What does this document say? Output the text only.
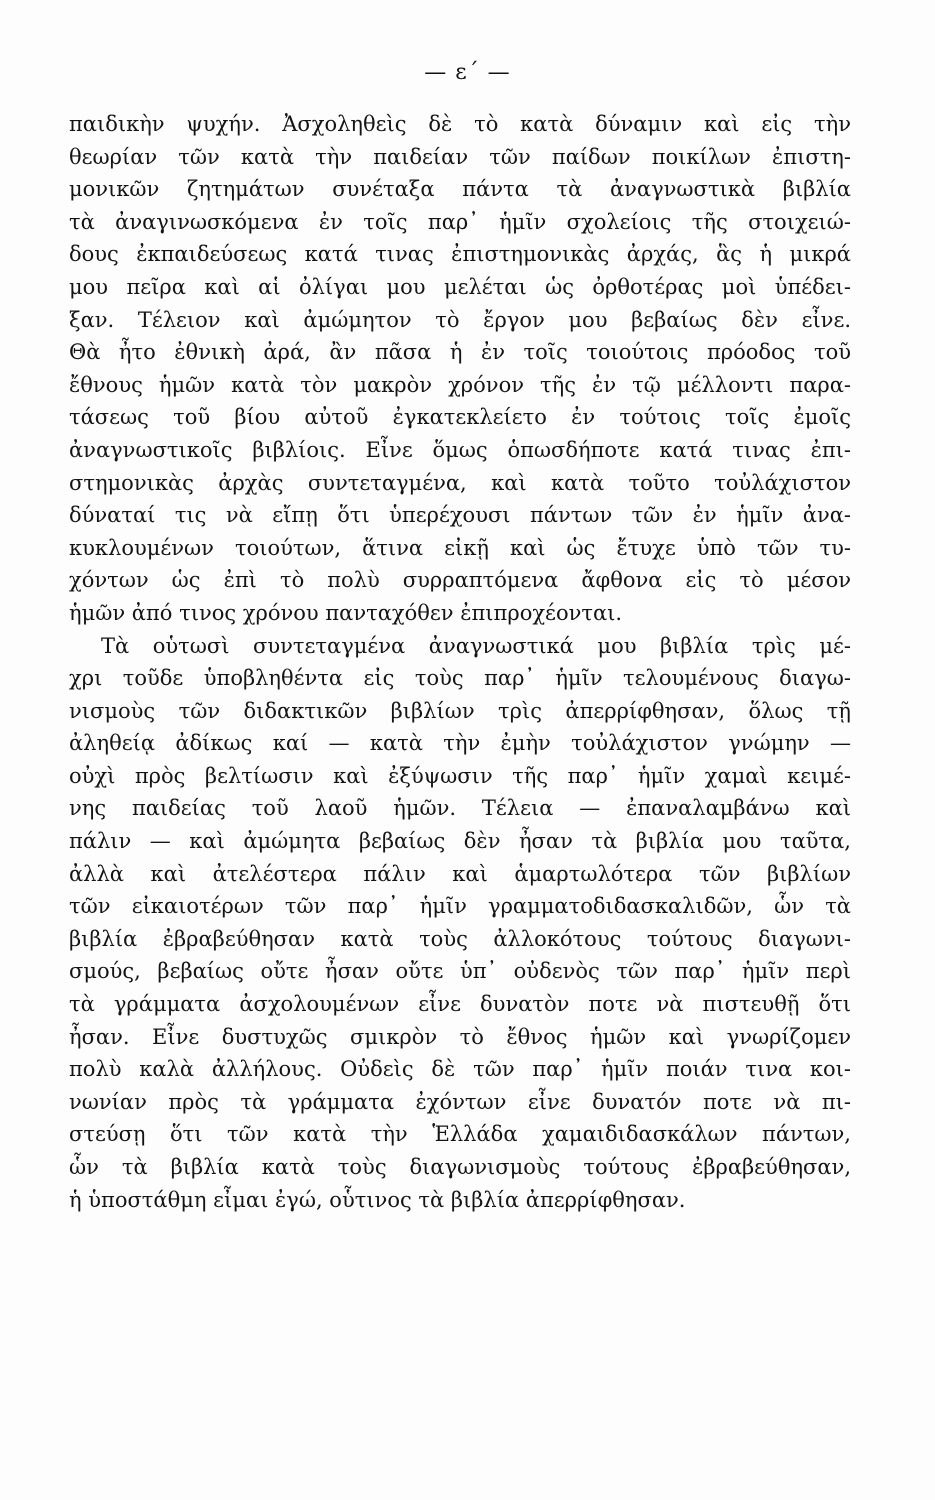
— ε΄ —
παιδικὴν ψυχήν. Ἀσχοληθεὶς δὲ τὸ κατὰ δύναμιν καὶ εἰς τὴν
θεωρίαν τῶν κατὰ τὴν παιδείαν τῶν παίδων ποικίλων ἐπιστη-
μονικῶν ζητημάτων συνέταξα πάντα τὰ ἀναγνωστικὰ βιβλία
τὰ ἀναγινωσκόμενα ἐν τοῖς παρ᾽ ἡμῖν σχολείοις τῆς στοιχειώ-
δους ἐκπαιδεύσεως κατά τινας ἐπιστημονικὰς ἀρχάς, ἃς ἡ μικρά
μου πεῖρα καὶ αἱ ὀλίγαι μου μελέται ὡς ὀρθοτέρας μοὶ ὑπέδει-
ξαν. Τέλειον καὶ ἀμώμητον τὸ ἔργον μου βεβαίως δὲν εἶνε.
Θὰ ἦτο ἐθνικὴ ἀρά, ἂν πᾶσα ἡ ἐν τοῖς τοιούτοις πρόοδος τοῦ
ἔθνους ἡμῶν κατὰ τὸν μακρὸν χρόνον τῆς ἐν τῷ μέλλοντι παρα-
τάσεως τοῦ βίου αὐτοῦ ἐγκατεκλείετο ἐν τούτοις τοῖς ἐμοῖς
ἀναγνωστικοῖς βιβλίοις. Εἶνε ὅμως ὁπωσδήποτε κατά τινας ἐπι-
στημονικὰς ἀρχὰς συντεταγμένα, καὶ κατὰ τοῦτο τοὐλάχιστον
δύναταί τις νὰ εἴπῃ ὅτι ὑπερέχουσι πάντων τῶν ἐν ἡμῖν ἀνα-
κυκλουμένων τοιούτων, ἅτινα εἰκῇ καὶ ὡς ἔτυχε ὑπὸ τῶν τυ-
χόντων ὡς ἐπὶ τὸ πολὺ συρραπτόμενα ἄφθονα εἰς τὸ μέσον
ἡμῶν ἀπό τινος χρόνου πανταχόθεν ἐπιπροχέονται.
Τὰ οὑτωσὶ συντεταγμένα ἀναγνωστικά μου βιβλία τρὶς μέ-
χρι τοῦδε ὑποβληθέντα εἰς τοὺς παρ᾽ ἡμῖν τελουμένους διαγω-
νισμοὺς τῶν διδακτικῶν βιβλίων τρὶς ἀπερρίφθησαν, ὅλως τῇ
ἀληθείᾳ ἀδίκως καί — κατὰ τὴν ἐμὴν τοὐλάχιστον γνώμην —
οὐχὶ πρὸς βελτίωσιν καὶ ἐξύψωσιν τῆς παρ᾽ ἡμῖν χαμαὶ κειμέ-
νης παιδείας τοῦ λαοῦ ἡμῶν. Τέλεια — ἐπαναλαμβάνω καὶ
πάλιν — καὶ ἀμώμητα βεβαίως δὲν ἦσαν τὰ βιβλία μου ταῦτα,
ἀλλὰ καὶ ἀτελέστερα πάλιν καὶ ἁμαρτωλότερα τῶν βιβλίων
τῶν εἰκαιοτέρων τῶν παρ᾽ ἡμῖν γραμματοδιδασκαλιδῶν, ὧν τὰ
βιβλία ἐβραβεύθησαν κατὰ τοὺς ἀλλοκότους τούτους διαγωνι-
σμούς, βεβαίως οὔτε ἦσαν οὔτε ὑπ᾽ οὐδενὸς τῶν παρ᾽ ἡμῖν περὶ
τὰ γράμματα ἀσχολουμένων εἶνε δυνατὸν ποτε νὰ πιστευθῇ ὅτι
ἦσαν. Εἶνε δυστυχῶς σμικρὸν τὸ ἔθνος ἡμῶν καὶ γνωρίζομεν
πολὺ καλὰ ἀλλήλους. Οὐδεὶς δὲ τῶν παρ᾽ ἡμῖν ποιάν τινα κοι-
νωνίαν πρὸς τὰ γράμματα ἐχόντων εἶνε δυνατόν ποτε νὰ πι-
στεύσῃ ὅτι τῶν κατὰ τὴν Ἑλλάδα χαμαιδιδασκάλων πάντων,
ὧν τὰ βιβλία κατὰ τοὺς διαγωνισμοὺς τούτους ἐβραβεύθησαν,
ἡ ὑποστάθμη εἶμαι ἐγώ, οὗτινος τὰ βιβλία ἀπερρίφθησαν.
